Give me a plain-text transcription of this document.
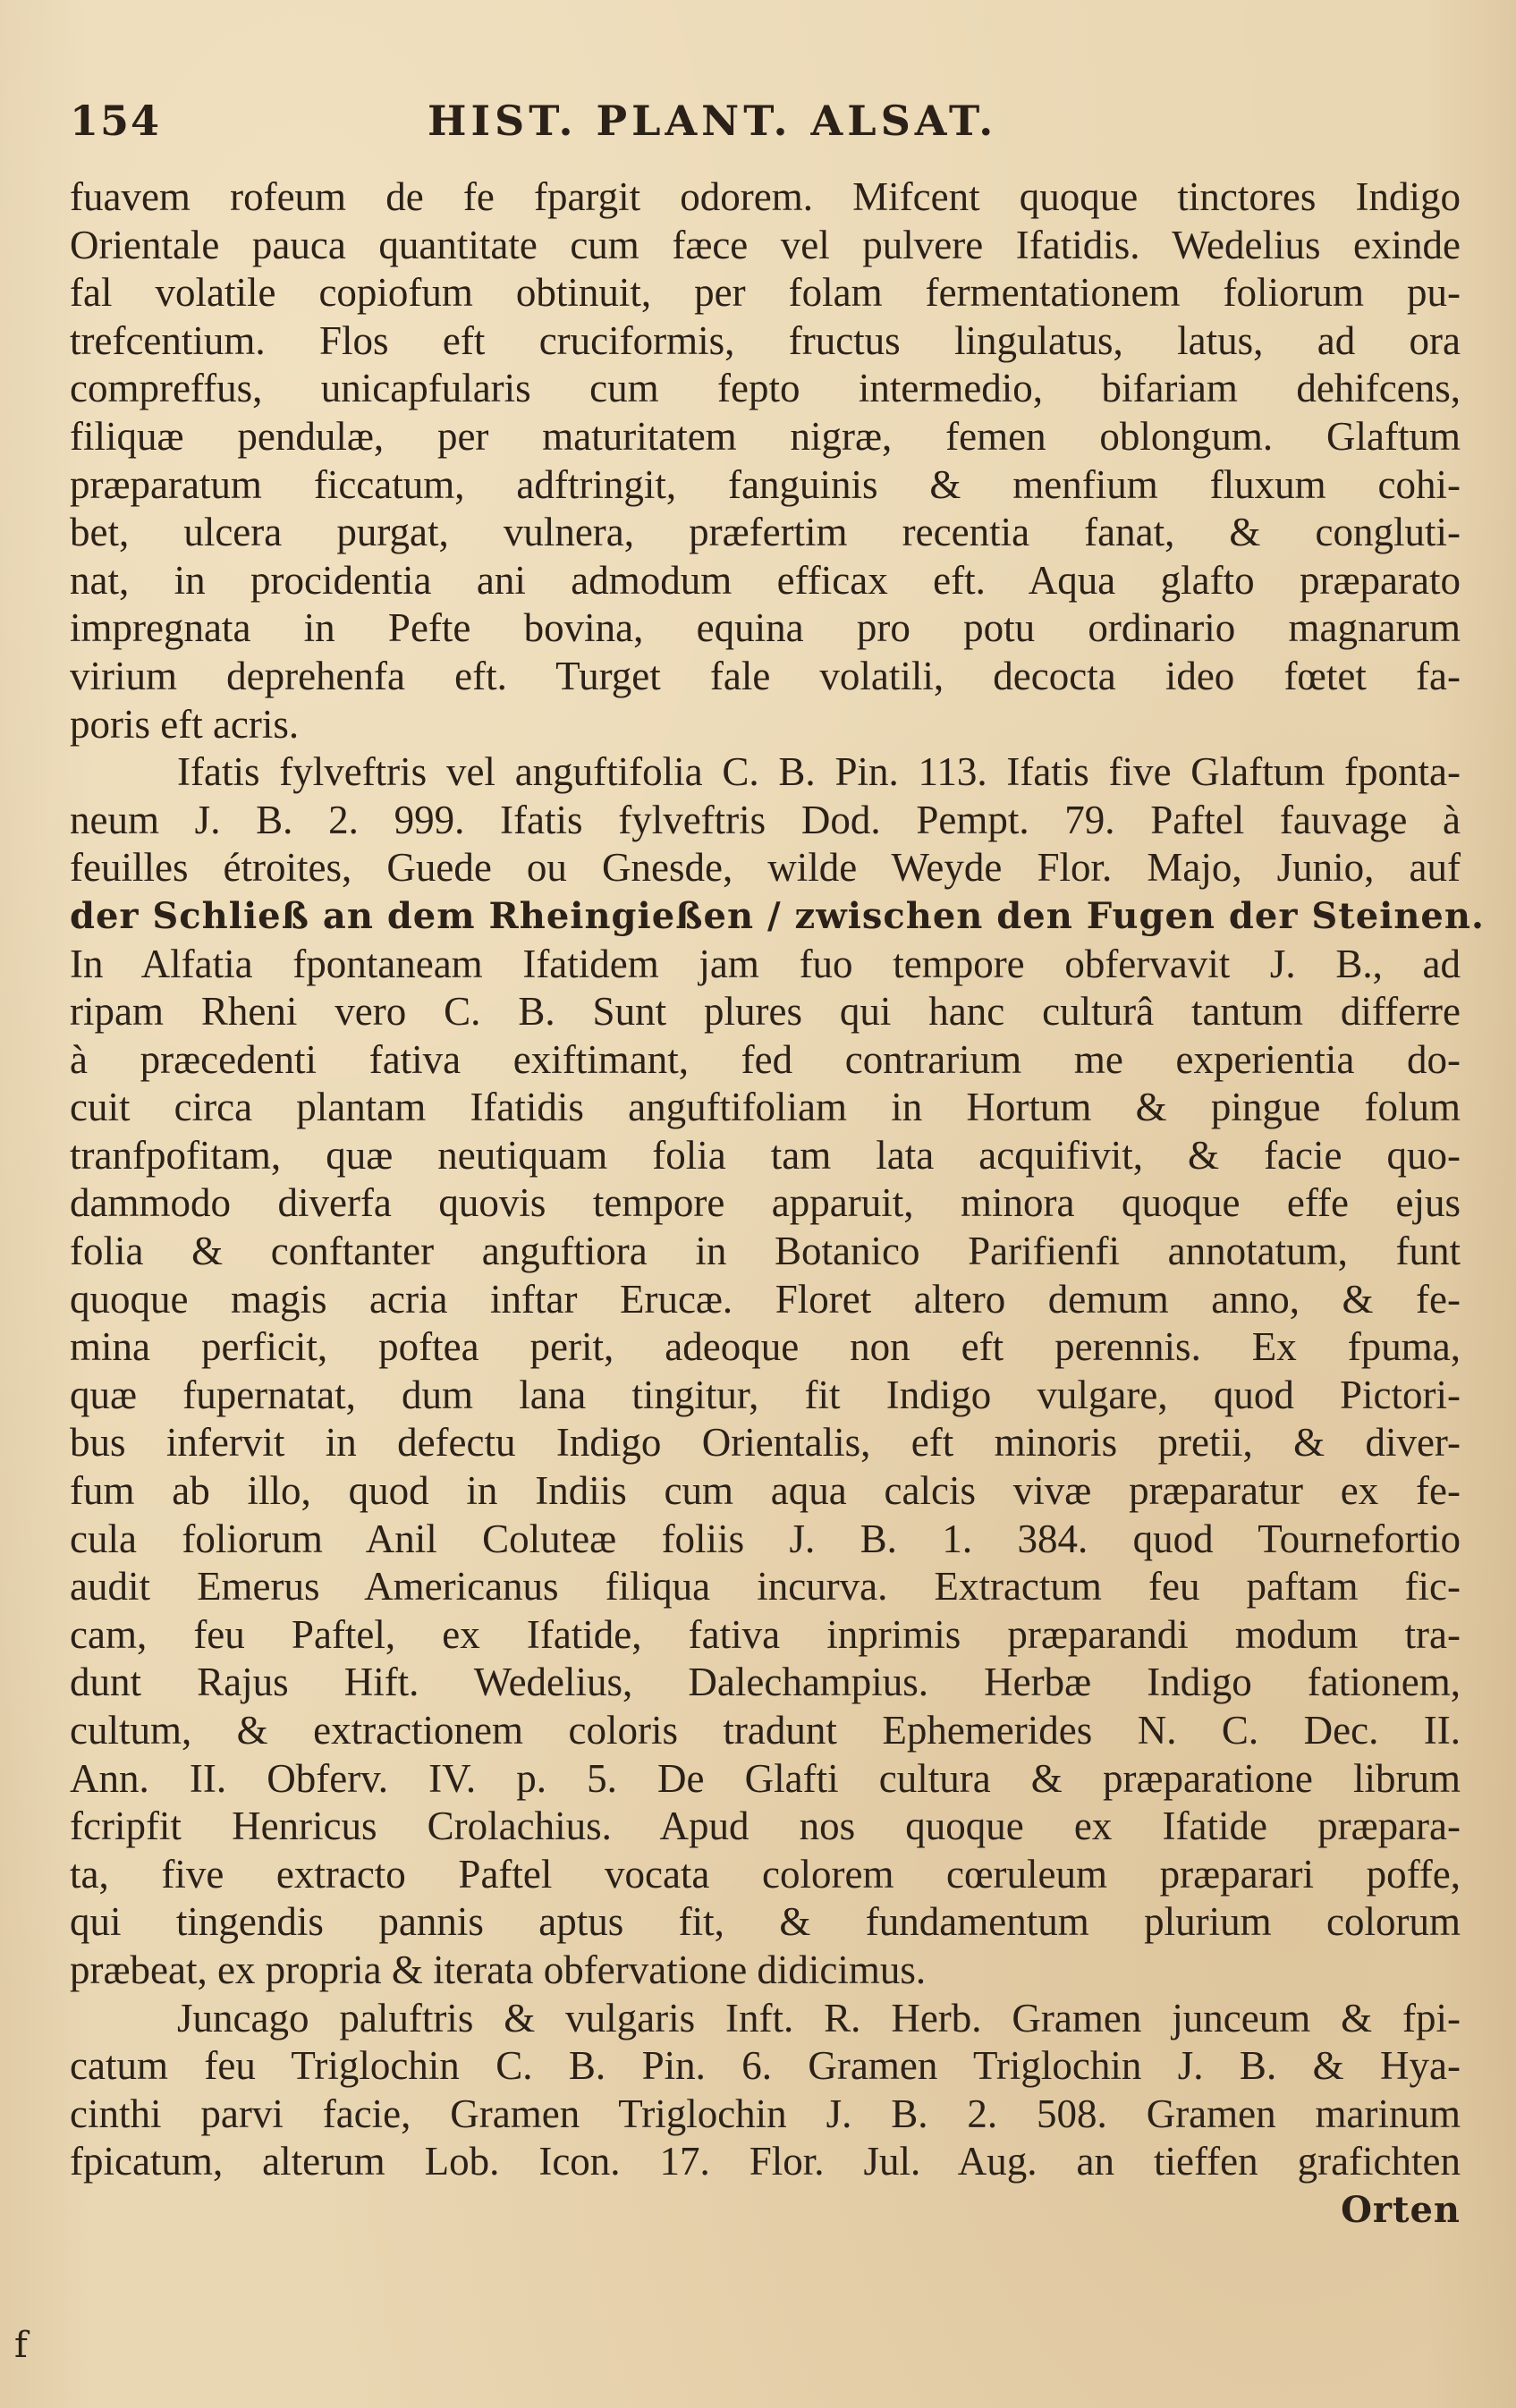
154	HIST. PLANT. ALSAT.
fuavem rofeum de fe fpargit odorem. Mifcent quoque tinctores Indigo
Orientale pauca quantitate cum fæce vel pulvere Ifatidis. Wedelius exinde
fal volatile copiofum obtinuit, per folam fermentationem foliorum pu-
trefcentium. Flos eft cruciformis, fructus lingulatus, latus, ad ora
compreffus, unicapfularis cum fepto intermedio, bifariam dehifcens,
filiquæ pendulæ, per maturitatem nigræ, femen oblongum. Glaftum
præparatum ficcatum, adftringit, fanguinis & menfium fluxum cohi-
bet, ulcera purgat, vulnera, præfertim recentia fanat, & congluti-
nat, in procidentia ani admodum efficax eft. Aqua glafto præparato
impregnata in Pefte bovina, equina pro potu ordinario magnarum
virium deprehenfa eft. Turget fale volatili, decocta ideo fœtet fa-
poris eft acris.
Ifatis fylveftris vel anguftifolia C. B. Pin. 113. Ifatis five Glaftum fponta-
neum J. B. 2. 999. Ifatis fylveftris Dod. Pempt. 79. Paftel fauvage à
feuilles étroites, Guede ou Gnesde, wilde Weyde Flor. Majo, Junio, auf
der Schließ an dem Rheingießen / zwischen den Fugen der Steinen.
In Alfatia fpontaneam Ifatidem jam fuo tempore obfervavit J. B., ad
ripam Rheni vero C. B. Sunt plures qui hanc culturâ tantum differre
à præcedenti fativa exiftimant, fed contrarium me experientia do-
cuit circa plantam Ifatidis anguftifoliam in Hortum & pingue folum
tranfpofitam, quæ neutiquam folia tam lata acquifivit, & facie quo-
dammodo diverfa quovis tempore apparuit, minora quoque effe ejus
folia & conftanter anguftiora in Botanico Parifienfi annotatum, funt
quoque magis acria inftar Erucæ. Floret altero demum anno, & fe-
mina perficit, poftea perit, adeoque non eft perennis. Ex fpuma,
quæ fupernatat, dum lana tingitur, fit Indigo vulgare, quod Pictori-
bus infervit in defectu Indigo Orientalis, eft minoris pretii, & diver-
fum ab illo, quod in Indiis cum aqua calcis vivæ præparatur ex fe-
cula foliorum Anil Coluteæ foliis J. B. 1. 384. quod Tournefortio
audit Emerus Americanus filiqua incurva. Extractum feu paftam fic-
cam, feu Paftel, ex Ifatide, fativa inprimis præparandi modum tra-
dunt Rajus Hift. Wedelius, Dalechampius. Herbæ Indigo fationem,
cultum, & extractionem coloris tradunt Ephemerides N. C. Dec. II.
Ann. II. Obferv. IV. p. 5. De Glafti cultura & præparatione librum
fcripfit Henricus Crolachius. Apud nos quoque ex Ifatide præpara-
ta, five extracto Paftel vocata colorem cœruleum præparari poffe,
qui tingendis pannis aptus fit, & fundamentum plurium colorum
præbeat, ex propria & iterata obfervatione didicimus.
Juncago paluftris & vulgaris Inft. R. Herb. Gramen junceum & fpi-
catum feu Triglochin C. B. Pin. 6. Gramen Triglochin J. B. & Hya-
cinthi parvi facie, Gramen Triglochin J. B. 2. 508. Gramen marinum
fpicatum, alterum Lob. Icon. 17. Flor. Jul. Aug. an tieffen grafichten
Orten
f
